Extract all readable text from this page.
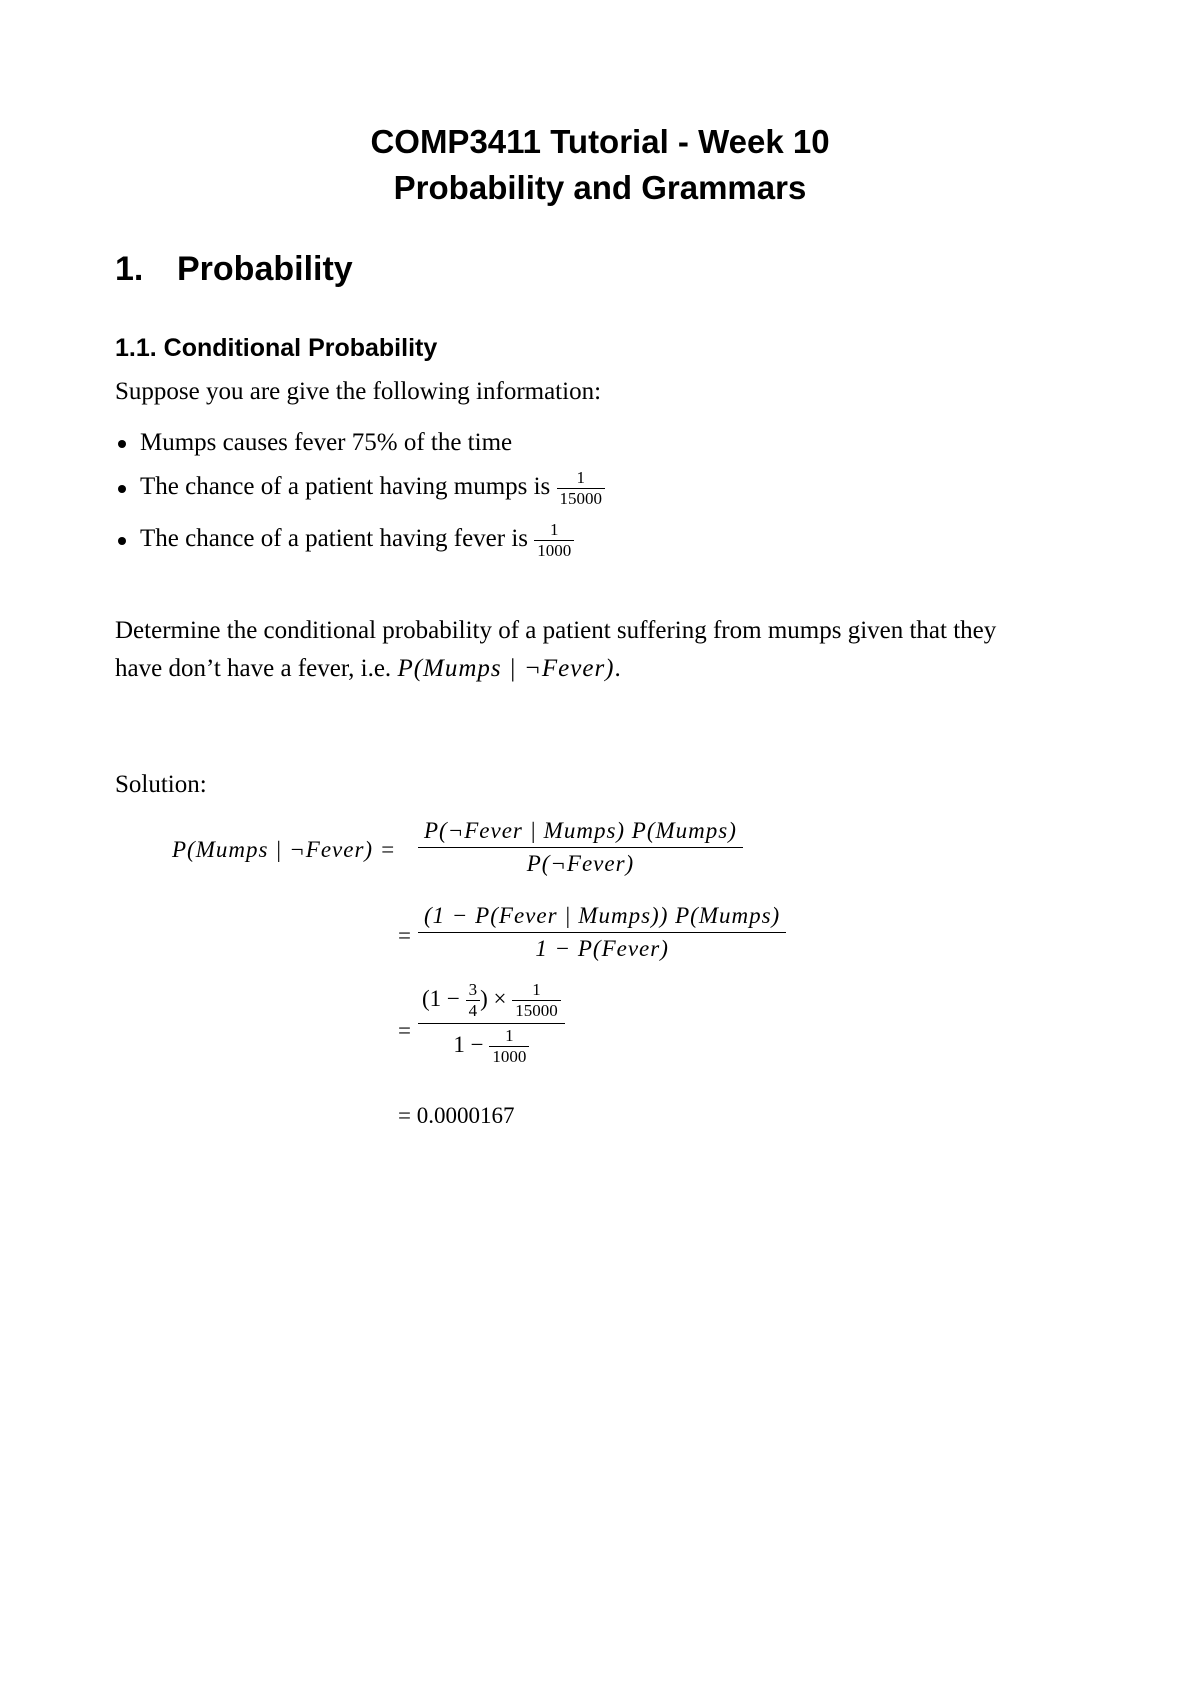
COMP3411 Tutorial - Week 10
Probability and Grammars
1. Probability
1.1. Conditional Probability
Suppose you are give the following information:
Mumps causes fever 75% of the time
The chance of a patient having mumps is $\frac{1}{15000}$
The chance of a patient having fever is $\frac{1}{1000}$
Determine the conditional probability of a patient suffering from mumps given that they
have don’t have a fever, i.e. P(Mumps | ¬Fever).
Solution:
P(Mumps | ¬Fever) = $\frac{\text{P(¬Fever | Mumps) P(Mumps)}}{\text{P(¬Fever)}}$
= $\frac{\text{(1 − P(Fever | Mumps)) P(Mumps)}}{\text{1 − P(Fever)}}$
= $\frac{(1 - \frac{3}{4} ) \times \frac{1}{15000}}{1 - \frac{1}{1000}}$
= 0.0000167
